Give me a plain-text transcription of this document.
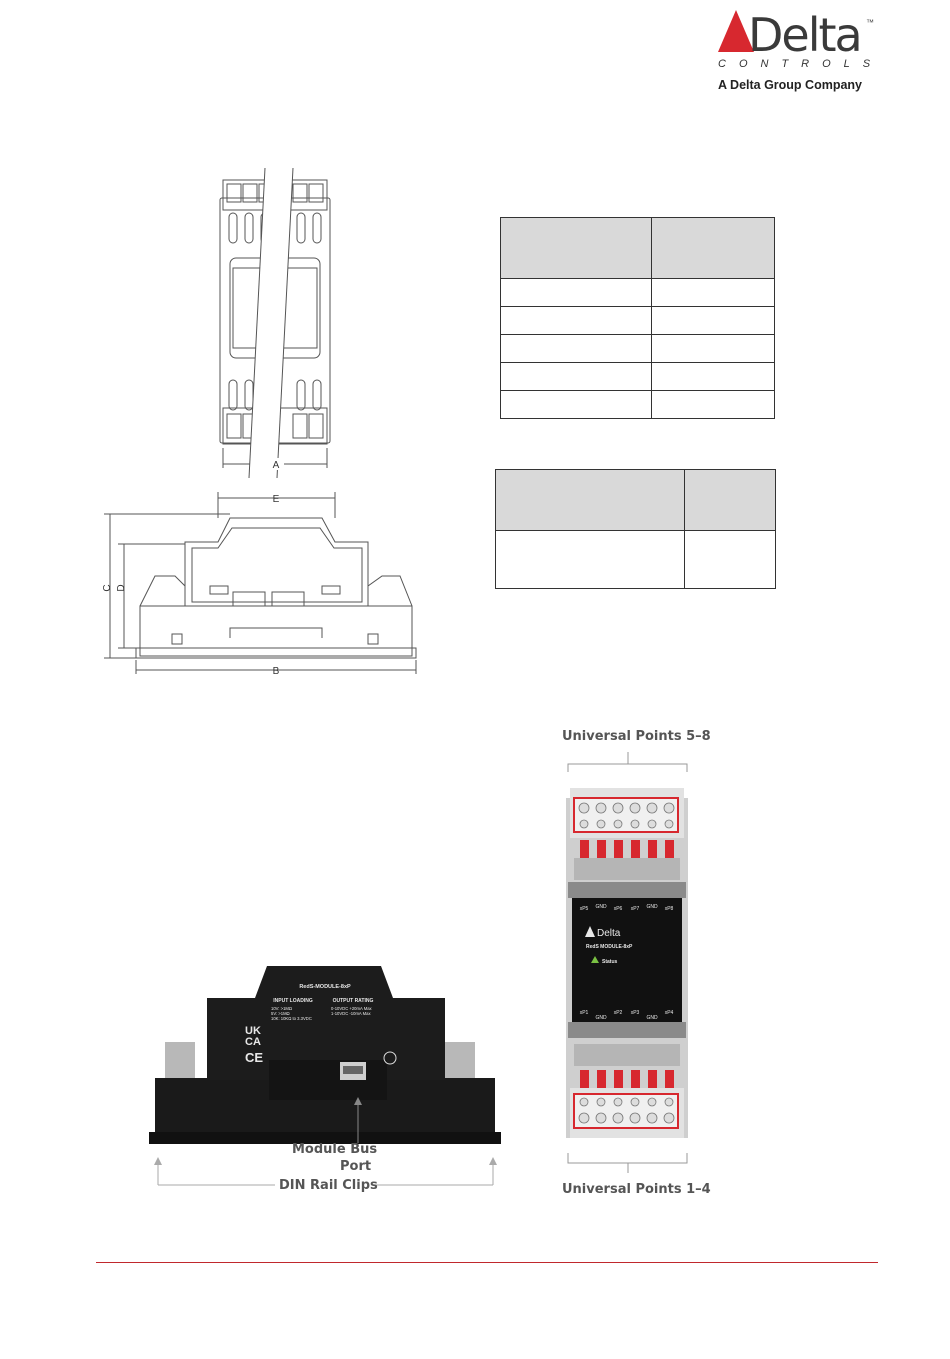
Delta ™
CONTROLS
A Delta Group Company
A
E
C D
B

RedS-MODULE-8xP
INPUT LOADING
10V: >1MΩ
5V: >1MΩ
10K: 10KΩ to 3.3VDC
OUTPUT RATING
0-10VDC +20mA Max
1-10VDC -10mA Max
UK
CA
CE
Module Bus
Port
DIN Rail Clips
Universal Points 5–8
Universal Points 1–4
xP5 GND xP6 xP7 GND xP8
Delta
RedS MODULE-8xP
Status
xP1
GND
xP2 xP3
GND
xP4
